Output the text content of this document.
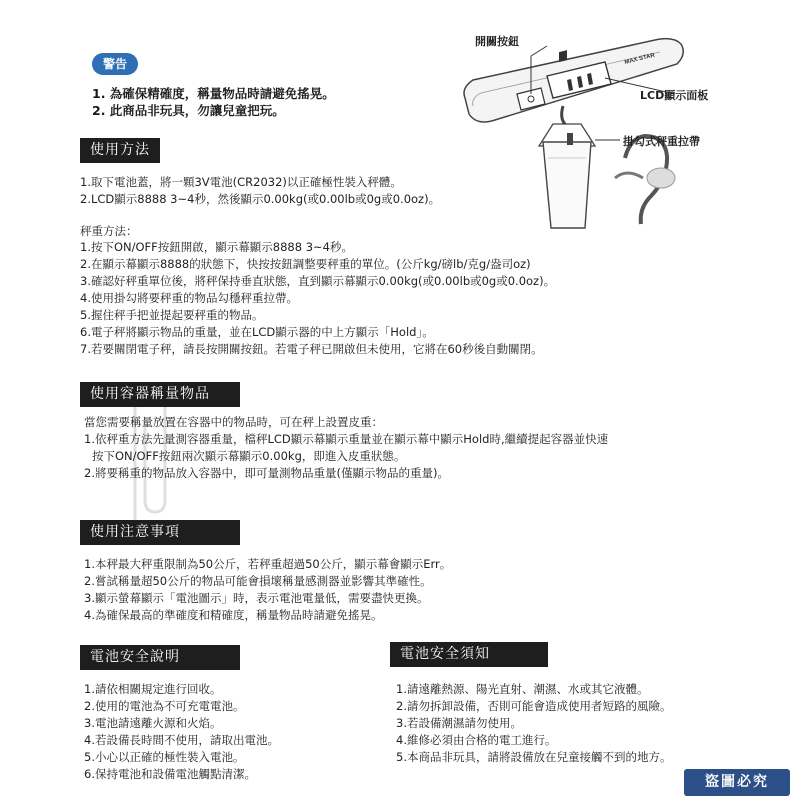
警告
1. 為確保精確度，稱量物品時請避免搖晃。
2. 此商品非玩具，勿讓兒童把玩。
MAX STAR
開關按鈕
LCD顯示面板
掛勾式秤重拉帶
使用方法
1.取下電池蓋，將一顆3V電池(CR2032)以正確極性裝入秤體。
2.LCD顯示8888 3~4秒，然後顯示0.00kg(或0.00lb或0g或0.0oz)。
秤重方法：
1.按下ON/OFF按鈕開啟，顯示幕顯示8888 3~4秒。
2.在顯示幕顯示8888的狀態下，快按按鈕調整要秤重的單位。(公斤kg/磅lb/克g/盎司oz)
3.確認好秤重單位後，將秤保持垂直狀態，直到顯示幕顯示0.00kg(或0.00lb或0g或0.0oz)。
4.使用掛勾將要秤重的物品勾穩秤重拉帶。
5.握住秤手把並提起要秤重的物品。
6.電子秤將顯示物品的重量，並在LCD顯示器的中上方顯示「Hold」。
7.若要關閉電子秤，請長按開關按鈕。若電子秤已開啟但未使用，它將在60秒後自動關閉。
使用容器稱量物品
當您需要稱量放置在容器中的物品時，可在秤上設置皮重：
1.依秤重方法先量測容器重量，檔秤LCD顯示幕顯示重量並在顯示幕中顯示Hold時,繼續提起容器並快速
按下ON/OFF按鈕兩次顯示幕顯示0.00kg，即進入皮重狀態。
2.將要稱重的物品放入容器中，即可量測物品重量(僅顯示物品的重量)。
使用注意事項
1.本秤最大秤重限制為50公斤，若秤重超過50公斤，顯示幕會顯示Err。
2.嘗試稱量超50公斤的物品可能會損壞稱量感測器並影響其準確性。
3.顯示螢幕顯示「電池圖示」時，表示電池電量低，需要盡快更換。
4.為確保最高的準確度和精確度，稱量物品時請避免搖晃。
電池安全說明
1.請依相關規定進行回收。
2.使用的電池為不可充電電池。
3.電池請遠離火源和火焰。
4.若設備長時間不使用，請取出電池。
5.小心以正確的極性裝入電池。
6.保持電池和設備電池觸點清潔。
電池安全須知
1.請遠離熱源、陽光直射、潮濕、水或其它液體。
2.請勿拆卸設備，否則可能會造成使用者短路的風險。
3.若設備潮濕請勿使用。
4.維修必須由合格的電工進行。
5.本商品非玩具，請將設備放在兒童接觸不到的地方。
盜圖必究
